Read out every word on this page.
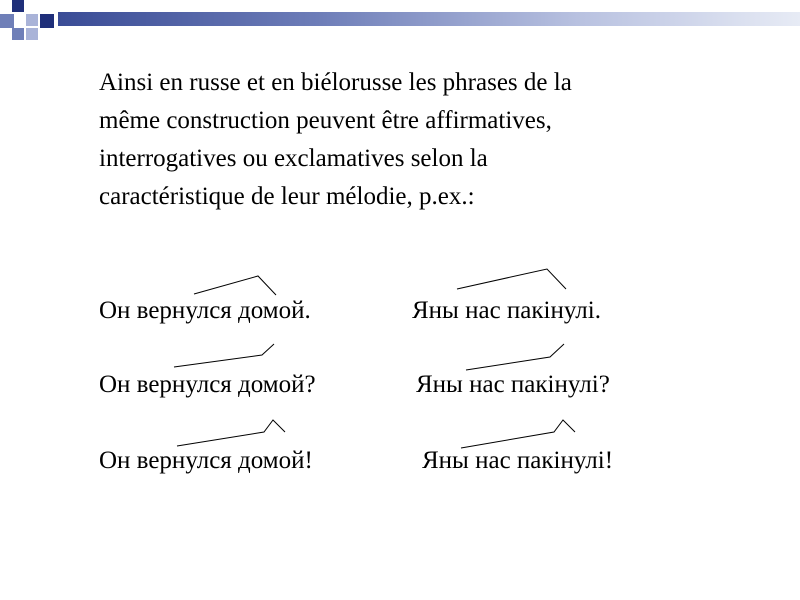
Ainsi en russe et en biélorusse les phrases de la

même construction peuvent être affirmatives,

interrogatives ou exclamatives selon la

caractéristique de leur mélodie, p.ex.:

Он вернулся домой.	Яны нас пакінулі.
Он вернулся домой?	Яны нас пакінулі?
Он вернулся домой!	Яны нас пакінулі!
